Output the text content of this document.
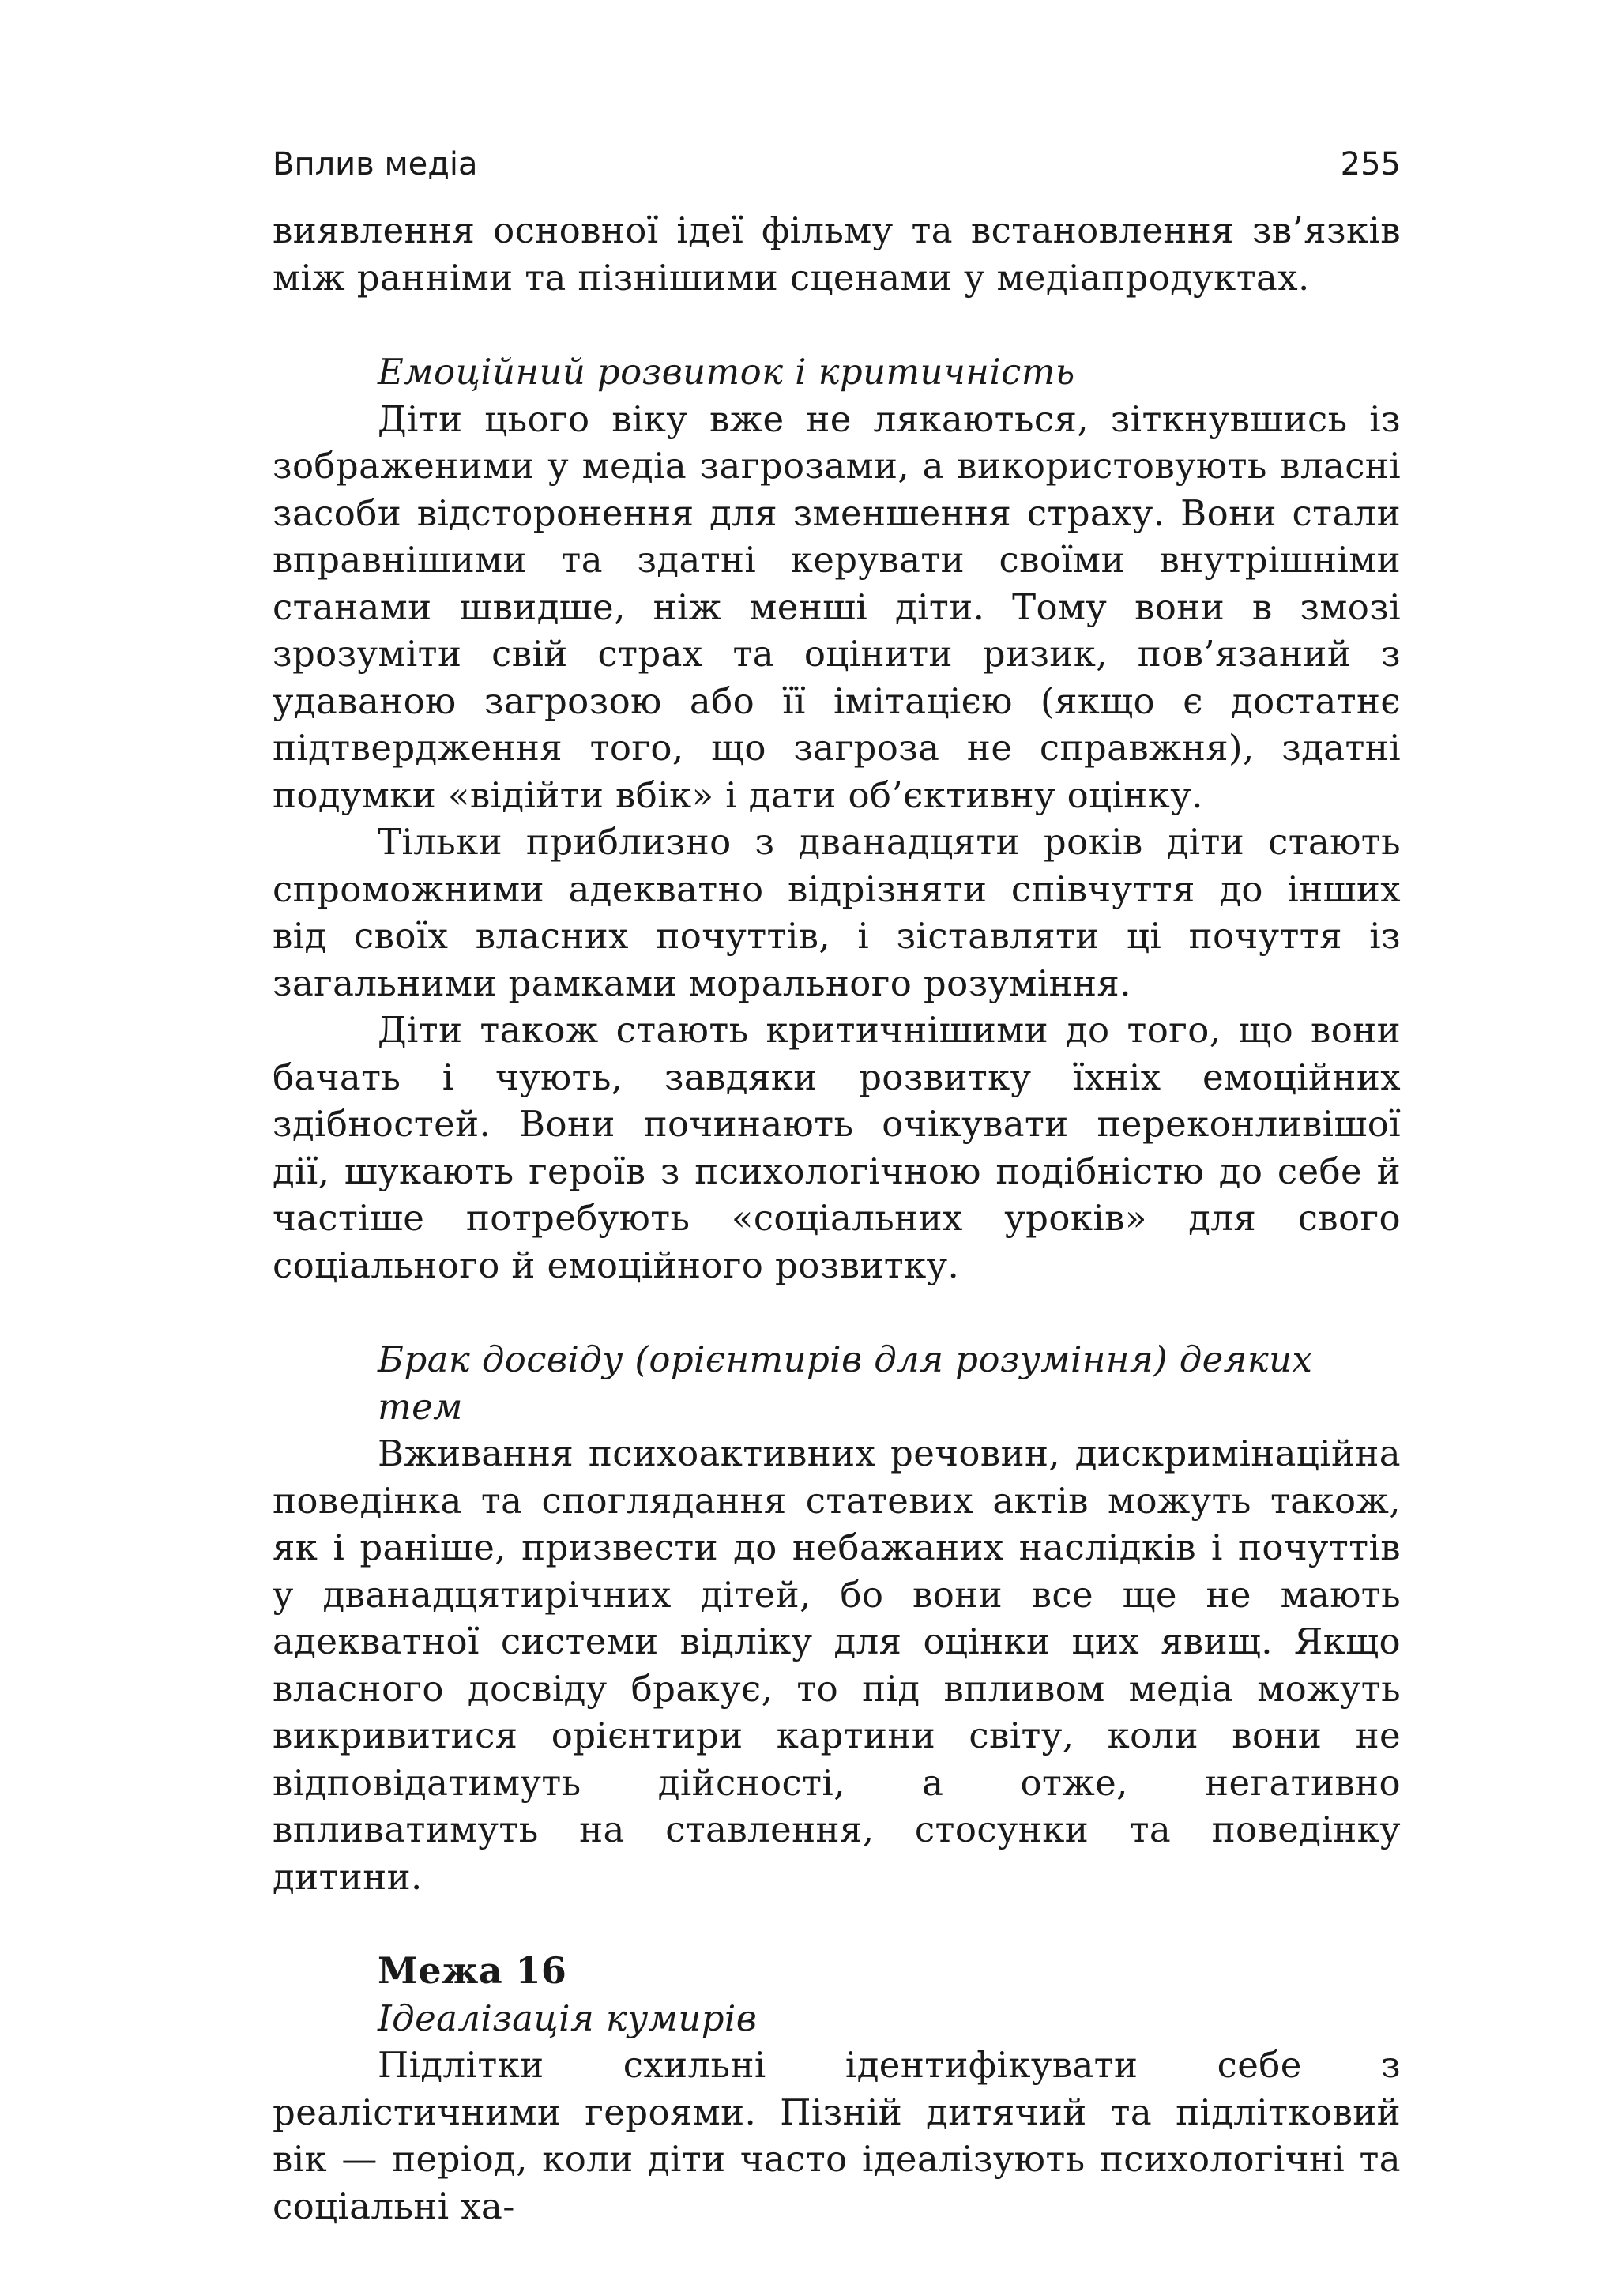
Вплив медіа	255

виявлення основної ідеї фільму та встановлення зв’язків між ранніми та пізнішими сценами у медіапродуктах.

Емоційний розвиток і критичність

Діти цього віку вже не лякаються, зіткнувшись із зображеними у медіа загрозами, а використовують власні засоби відсторонення для зменшення страху. Вони стали вправнішими та здатні керувати своїми внутрішніми станами швидше, ніж менші діти. Тому вони в змозі зрозуміти свій страх та оцінити ризик, пов’язаний з удаваною загрозою або її імітацією (якщо є достатнє підтвердження того, що загроза не справжня), здатні подумки «відійти вбік» і дати об’єктивну оцінку.

Тільки приблизно з дванадцяти років діти стають спроможними адекватно відрізняти співчуття до інших від своїх власних почуттів, і зіставляти ці почуття із загальними рамками морального розуміння.

Діти також стають критичнішими до того, що вони бачать і чують, завдяки розвитку їхніх емоційних здібностей. Вони починають очікувати переконливішої дії, шукають героїв з психологічною подібністю до себе й частіше потребують «соціальних уроків» для свого соціального й емоційного розвитку.

Брак досвіду (орієнтирів для розуміння) деяких тем

Вживання психоактивних речовин, дискримінаційна поведінка та споглядання статевих актів можуть також, як і раніше, призвести до небажаних наслідків і почуттів у дванадцятирічних дітей, бо вони все ще не мають адекватної системи відліку для оцінки цих явищ. Якщо власного досвіду бракує, то під впливом медіа можуть викривитися орієнтири картини світу, коли вони не відповідатимуть дійсності, а отже, негативно впливатимуть на ставлення, стосунки та поведінку дитини.

Межа 16

Ідеалізація кумирів

Підлітки схильні ідентифікувати себе з реалістичними героями. Пізній дитячий та підлітковий вік — період, коли діти часто ідеалізують психологічні та соціальні ха-
